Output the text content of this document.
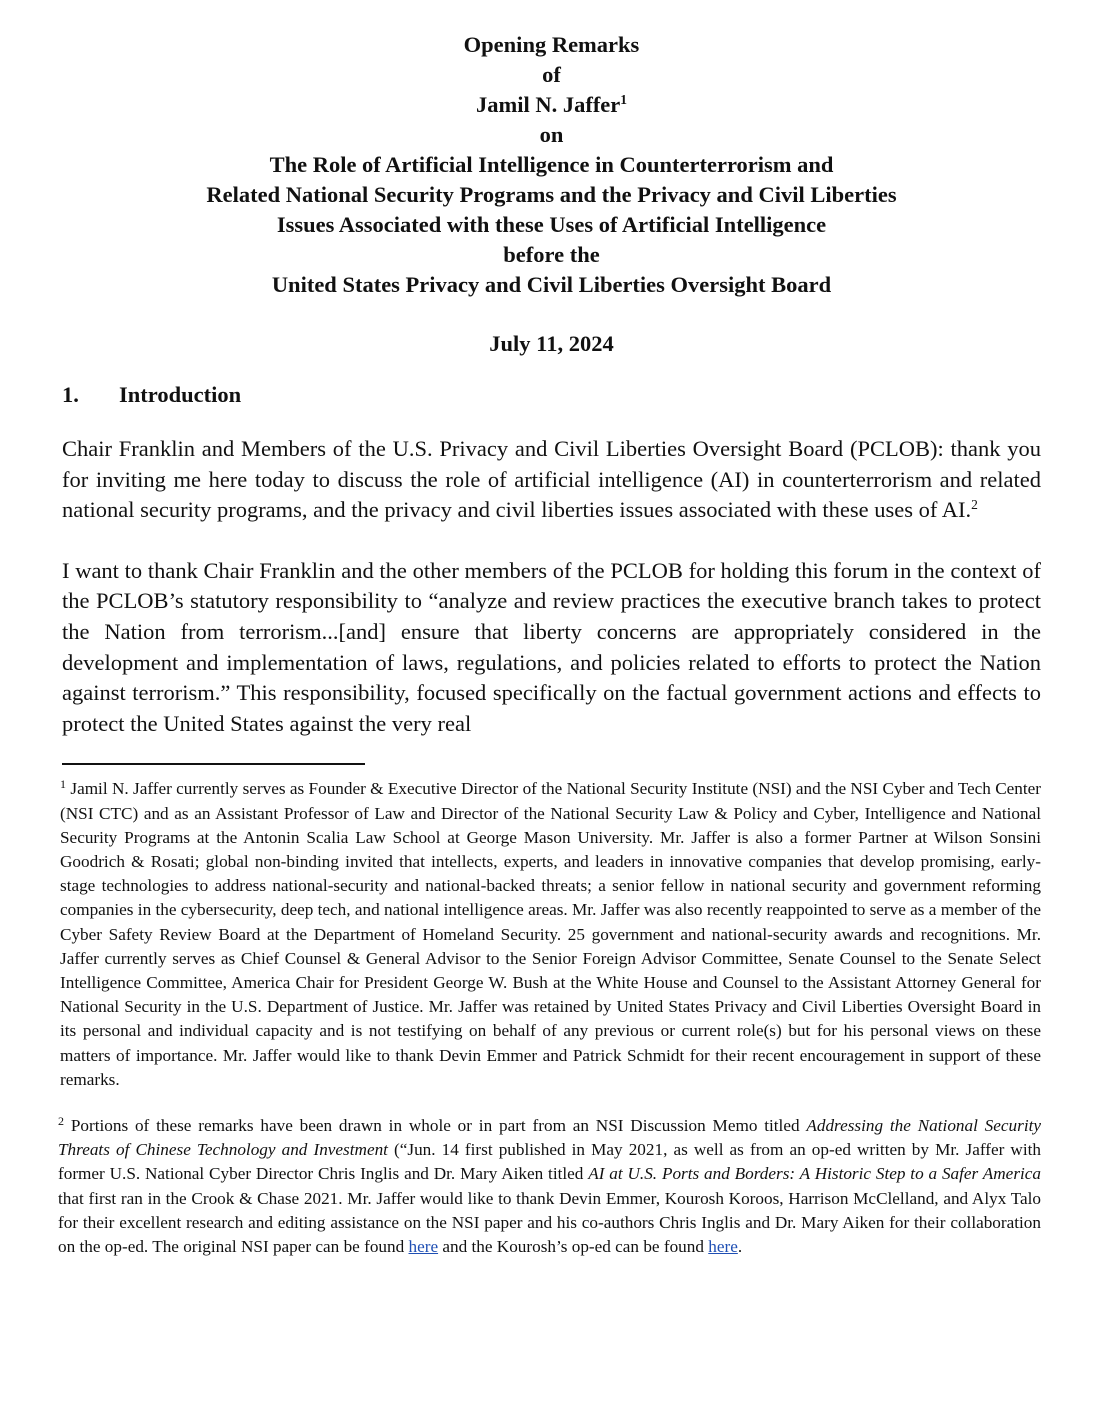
Opening Remarks
of
Jamil N. Jaffer$^1$
on
The Role of Artificial Intelligence in Counterterrorism and
Related National Security Programs and the Privacy and Civil Liberties
Issues Associated with these Uses of Artificial Intelligence
before the
United States Privacy and Civil Liberties Oversight Board
July 11, 2024
1.	Introduction

Chair Franklin and Members of the U.S. Privacy and Civil Liberties Oversight Board (PCLOB): thank you for inviting me here today to discuss the role of artificial intelligence (AI) in counterterrorism and related national security programs, and the privacy and civil liberties issues associated with these uses of AI.$^2$

I want to thank Chair Franklin and the other members of the PCLOB for holding this forum in the context of the PCLOB’s statutory responsibility to “analyze and review practices the executive branch takes to protect the Nation from terrorism...[and] ensure that liberty concerns are appropriately considered in the development and implementation of laws, regulations, and policies related to efforts to protect the Nation against terrorism.” This responsibility, focused specifically on the factual government actions and effects to protect the United States against the very real

$^1$ Jamil N. Jaffer currently serves as Founder & Executive Director of the National Security Institute (NSI) and the NSI Cyber and Tech Center (NSI CTC) and as an Assistant Professor of Law and Director of the National Security Law & Policy and Cyber, Intelligence and National Security Programs at the Antonin Scalia Law School at George Mason University. Mr. Jaffer is also a former Partner at Wilson Sonsini Goodrich & Rosati; global non-binding invited that intellects, experts, and leaders in innovative companies that develop promising, early-stage technologies to address national-security and national-backed threats; a senior fellow in national security and government reforming companies in the cybersecurity, deep tech, and national intelligence areas. Mr. Jaffer was also recently reappointed to serve as a member of the Cyber Safety Review Board at the Department of Homeland Security. 25 government and national-security awards and recognitions. Mr. Jaffer currently serves as Chief Counsel & General Advisor to the Senior Foreign Advisor Committee, Senate Counsel to the Senate Select Intelligence Committee, America Chair for President George W. Bush at the White House and Counsel to the Assistant Attorney General for National Security in the U.S. Department of Justice. Mr. Jaffer was retained by United States Privacy and Civil Liberties Oversight Board in its personal and individual capacity and is not testifying on behalf of any previous or current role(s) but for his personal views on these matters of importance. Mr. Jaffer would like to thank Devin Emmer and Patrick Schmidt for their recent encouragement in support of these remarks.

$^2$ Portions of these remarks have been drawn in whole or in part from an NSI Discussion Memo titled Addressing the National Security Threats of Chinese Technology and Investment (“Jun. 14 first published in May 2021, as well as from an op-ed written by Mr. Jaffer with former U.S. National Cyber Director Chris Inglis and Dr. Mary Aiken titled AI at U.S. Ports and Borders: A Historic Step to a Safer America that first ran in the Crook & Chase 2021. Mr. Jaffer would like to thank Devin Emmer, Kourosh Koroos, Harrison McClelland, and Alyx Talo for their excellent research and editing assistance on the NSI paper and his co-authors Chris Inglis and Dr. Mary Aiken for their collaboration on the op-ed. The original NSI paper can be found here and the Kourosh’s op-ed can be found here.
